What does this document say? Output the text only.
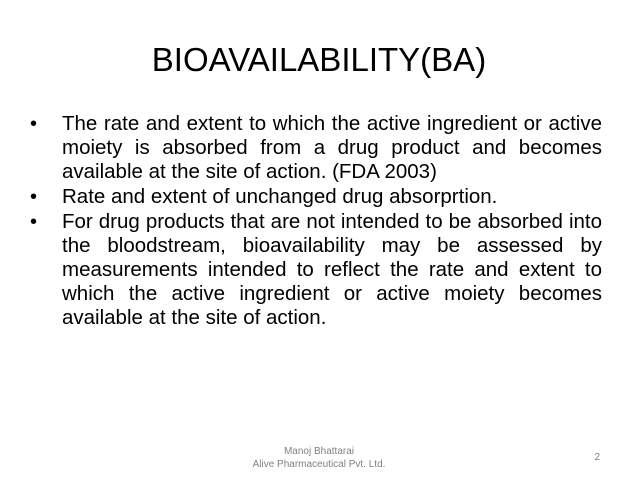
BIOAVAILABILITY(BA)
•	The rate and extent to which the active ingredient or active moiety is absorbed from a drug product and becomes available at the site of action. (FDA 2003)
•	Rate and extent of unchanged drug absorprtion.
•	For drug products that are not intended to be absorbed into the bloodstream, bioavailability may be assessed by measurements intended to reflect the rate and extent to which the active ingredient or active moiety becomes available at the site of action.
Manoj Bhattarai
Alive Pharmaceutical Pvt. Ltd.
2
